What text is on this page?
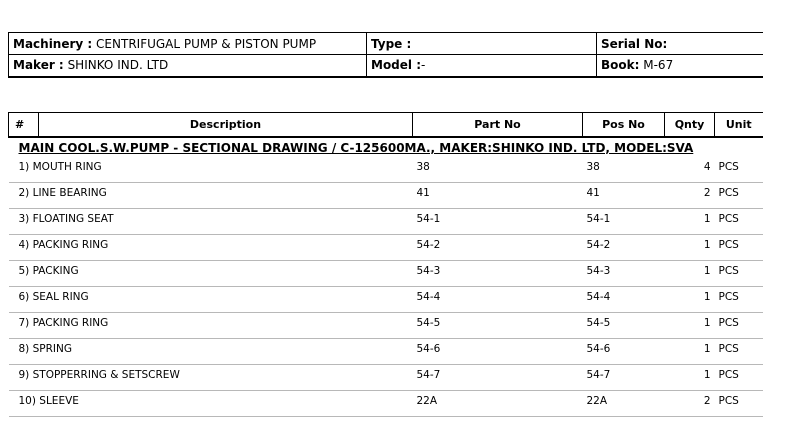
Machinery : CENTRIFUGAL PUMP & PISTON PUMP	Type :	Serial No:
Maker : SHINKO IND. LTD	Model :-	Book: M-67
#	Description	Part No	Pos No	Qnty	Unit
MAIN COOL.S.W.PUMP - SECTIONAL DRAWING / C-125600MA., MAKER:SHINKO IND. LTD, MODEL:SVA					
1) MOUTH RING		38	38	4	PCS
2) LINE BEARING		41	41	2	PCS
3) FLOATING SEAT		54-1	54-1	1	PCS
4) PACKING RING		54-2	54-2	1	PCS
5) PACKING		54-3	54-3	1	PCS
6) SEAL RING		54-4	54-4	1	PCS
7) PACKING RING		54-5	54-5	1	PCS
8) SPRING		54-6	54-6	1	PCS
9) STOPPERRING & SETSCREW		54-7	54-7	1	PCS
10) SLEEVE		22A	22A	2	PCS
